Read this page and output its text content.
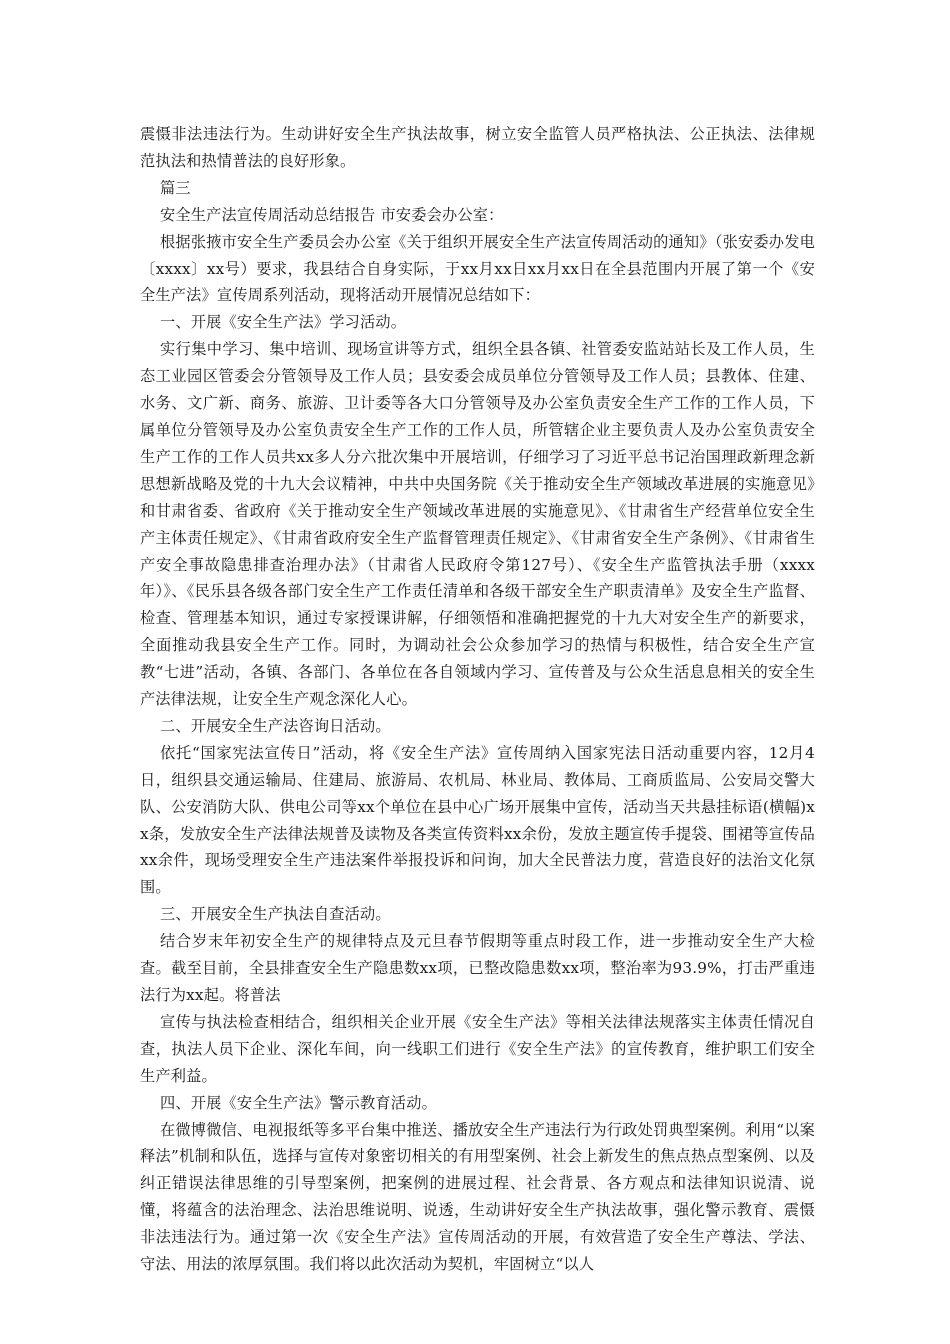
震慑非法违法行为。生动讲好安全生产执法故事，树立安全监管人员严格执法、公正执法、法律规范执法和热情普法的良好形象。

篇三

安全生产法宣传周活动总结报告 市安委会办公室：

根据张掖市安全生产委员会办公室《关于组织开展安全生产法宣传周活动的通知》（张安委办发电〔xxxx〕xx号）要求，我县结合自身实际，于xx月xx日xx月xx日在全县范围内开展了第一个《安全生产法》宣传周系列活动，现将活动开展情况总结如下：

一、开展《安全生产法》学习活动。

实行集中学习、集中培训、现场宣讲等方式，组织全县各镇、社管委安监站站长及工作人员，生态工业园区管委会分管领导及工作人员；县安委会成员单位分管领导及工作人员；县教体、住建、水务、文广新、商务、旅游、卫计委等各大口分管领导及办公室负责安全生产工作的工作人员，下属单位分管领导及办公室负责安全生产工作的工作人员，所管辖企业主要负责人及办公室负责安全生产工作的工作人员共xx多人分六批次集中开展培训，仔细学习了习近平总书记治国理政新理念新思想新战略及党的十九大会议精神，中共中央国务院《关于推动安全生产领域改革进展的实施意见》和甘肃省委、省政府《关于推动安全生产领域改革进展的实施意见》、《甘肃省生产经营单位安全生产主体责任规定》、《甘肃省政府安全生产监督管理责任规定》、《甘肃省安全生产条例》、《甘肃省生产安全事故隐患排查治理办法》（甘肃省人民政府令第127号）、《安全生产监管执法手册（xxxx年）》、《民乐县各级各部门安全生产工作责任清单和各级干部安全生产职责清单》及安全生产监督、检查、管理基本知识，通过专家授课讲解，仔细领悟和准确把握党的十九大对安全生产的新要求，全面推动我县安全生产工作。同时，为调动社会公众参加学习的热情与积极性，结合安全生产宣教“七进”活动，各镇、各部门、各单位在各自领域内学习、宣传普及与公众生活息息相关的安全生产法律法规，让安全生产观念深化人心。

二、开展安全生产法咨询日活动。

依托“国家宪法宣传日”活动，将《安全生产法》宣传周纳入国家宪法日活动重要内容，12月4日，组织县交通运输局、住建局、旅游局、农机局、林业局、教体局、工商质监局、公安局交警大队、公安消防大队、供电公司等xx个单位在县中心广场开展集中宣传，活动当天共悬挂标语(横幅)xx条，发放安全生产法律法规普及读物及各类宣传资料xx余份，发放主题宣传手提袋、围裙等宣传品xx余件，现场受理安全生产违法案件举报投诉和问询，加大全民普法力度，营造良好的法治文化氛围。

三、开展安全生产执法自查活动。

结合岁末年初安全生产的规律特点及元旦春节假期等重点时段工作，进一步推动安全生产大检查。截至目前，全县排查安全生产隐患数xx项，已整改隐患数xx项，整治率为93.9%，打击严重违法行为xx起。将普法

宣传与执法检查相结合，组织相关企业开展《安全生产法》等相关法律法规落实主体责任情况自查，执法人员下企业、深化车间，向一线职工们进行《安全生产法》的宣传教育，维护职工们安全生产利益。

四、开展《安全生产法》警示教育活动。

在微博微信、电视报纸等多平台集中推送、播放安全生产违法行为行政处罚典型案例。利用“以案释法”机制和队伍，选择与宣传对象密切相关的有用型案例、社会上新发生的焦点热点型案例、以及纠正错误法律思维的引导型案例，把案例的进展过程、社会背景、各方观点和法律知识说清、说懂，将蕴含的法治理念、法治思维说明、说透，生动讲好安全生产执法故事，强化警示教育、震慑非法违法行为。通过第一次《安全生产法》宣传周活动的开展，有效营造了安全生产尊法、学法、守法、用法的浓厚氛围。我们将以此次活动为契机，牢固树立“以人
